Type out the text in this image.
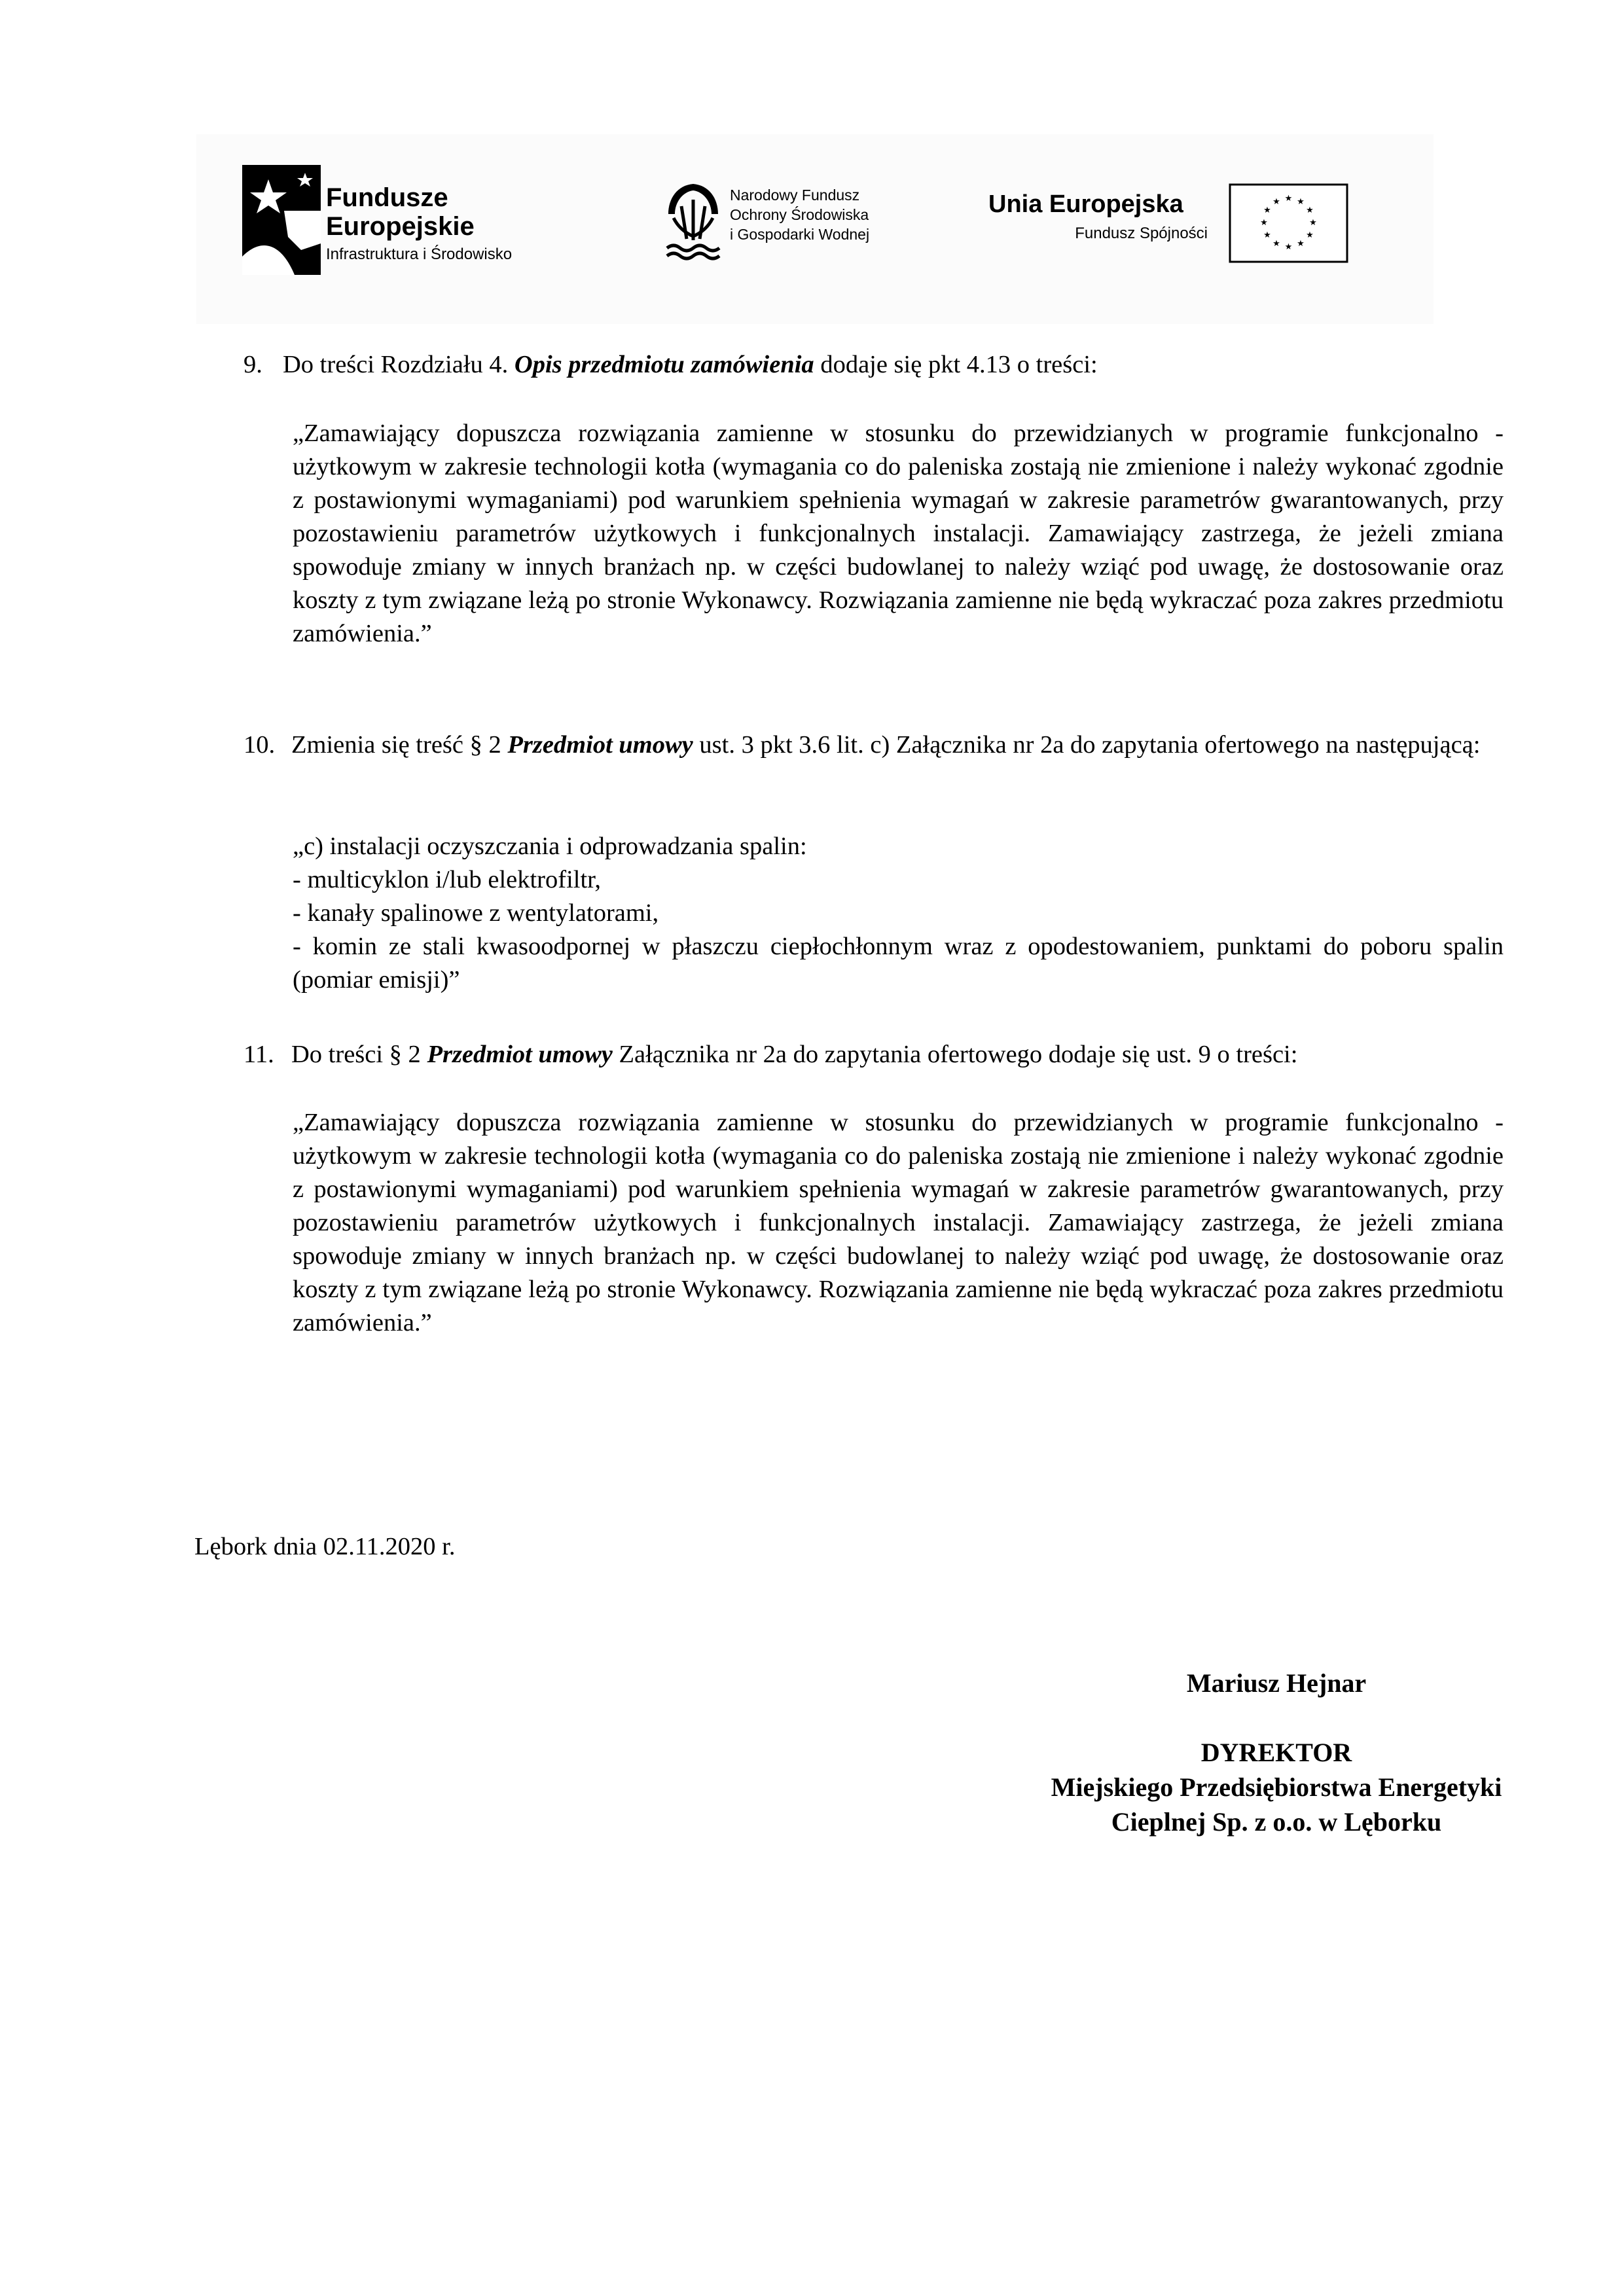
Fundusze
Europejskie
Infrastruktura i Środowisko
Narodowy Fundusz
Ochrony Środowiska
i Gospodarki Wodnej
Unia Europejska
Fundusz Spójności
★ ★
★
★
★
★
★
★
★
★
★
★
9. Do treści Rozdziału 4. Opis przedmiotu zamówienia dodaje się pkt 4.13 o treści:

„Zamawiający dopuszcza rozwiązania zamienne w stosunku do przewidzianych w programie funkcjonalno - użytkowym w zakresie technologii kotła (wymagania co do paleniska zostają nie zmienione i należy wykonać zgodnie z postawionymi wymaganiami) pod warunkiem spełnienia wymagań w zakresie parametrów gwarantowanych, przy pozostawieniu parametrów użytkowych i funkcjonalnych instalacji. Zamawiający zastrzega, że jeżeli zmiana spowoduje zmiany w innych branżach np. w części budowlanej to należy wziąć pod uwagę, że dostosowanie oraz koszty z tym związane leżą po stronie Wykonawcy. Rozwiązania zamienne nie będą wykraczać poza zakres przedmiotu zamówienia.”

10. Zmienia się treść § 2 Przedmiot umowy ust. 3 pkt 3.6 lit. c) Załącznika nr 2a do zapytania ofertowego na następującą:
„c) instalacji oczyszczania i odprowadzania spalin:
- multicyklon i/lub elektrofiltr,
- kanały spalinowe z wentylatorami,
- komin ze stali kwasoodpornej w płaszczu ciepłochłonnym wraz z opodestowaniem, punktami do poboru spalin (pomiar emisji)”
11. Do treści § 2 Przedmiot umowy Załącznika nr 2a do zapytania ofertowego dodaje się ust. 9 o treści:

„Zamawiający dopuszcza rozwiązania zamienne w stosunku do przewidzianych w programie funkcjonalno - użytkowym w zakresie technologii kotła (wymagania co do paleniska zostają nie zmienione i należy wykonać zgodnie z postawionymi wymaganiami) pod warunkiem spełnienia wymagań w zakresie parametrów gwarantowanych, przy pozostawieniu parametrów użytkowych i funkcjonalnych instalacji. Zamawiający zastrzega, że jeżeli zmiana spowoduje zmiany w innych branżach np. w części budowlanej to należy wziąć pod uwagę, że dostosowanie oraz koszty z tym związane leżą po stronie Wykonawcy. Rozwiązania zamienne nie będą wykraczać poza zakres przedmiotu zamówienia.”

Lębork dnia 02.11.2020 r.

Mariusz Hejnar
DYREKTOR
Miejskiego Przedsiębiorstwa Energetyki
Cieplnej Sp. z o.o. w Lęborku
